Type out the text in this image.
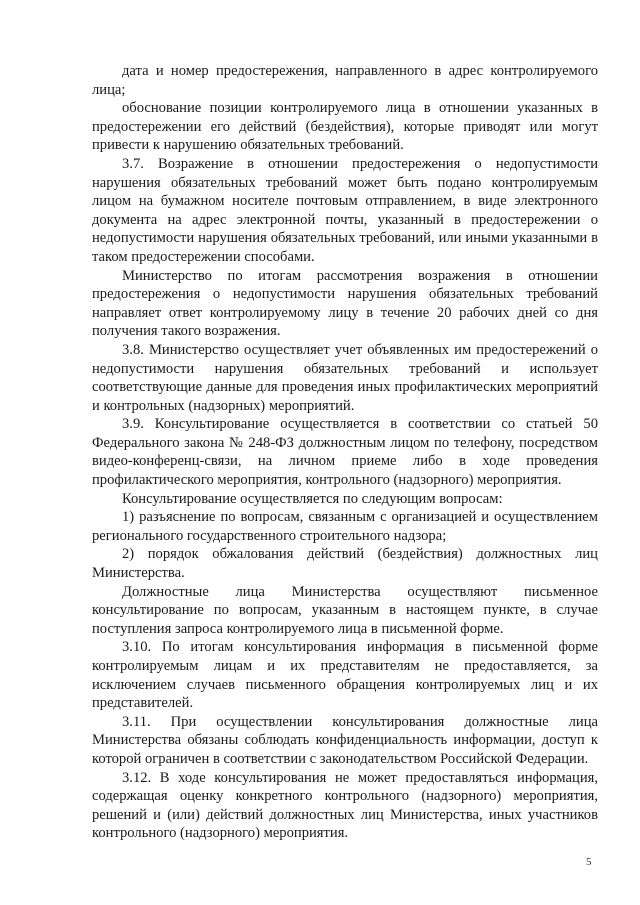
дата и номер предостережения, направленного в адрес контролируемого лица;

обоснование позиции контролируемого лица в отношении указанных в предостережении его действий (бездействия), которые приводят или могут привести к нарушению обязательных требований.

3.7. Возражение в отношении предостережения о недопустимости нарушения обязательных требований может быть подано контролируемым лицом на бумажном носителе почтовым отправлением, в виде электронного документа на адрес электронной почты, указанный в предостережении о недопустимости нарушения обязательных требований, или иными указанными в таком предостережении способами.

Министерство по итогам рассмотрения возражения в отношении предостережения о недопустимости нарушения обязательных требований направляет ответ контролируемому лицу в течение 20 рабочих дней со дня получения такого возражения.

3.8. Министерство осуществляет учет объявленных им предостережений о недопустимости нарушения обязательных требований и использует соответствующие данные для проведения иных профилактических мероприятий и контрольных (надзорных) мероприятий.

3.9. Консультирование осуществляется в соответствии со статьей 50 Федерального закона № 248-ФЗ должностным лицом по телефону, посредством видео-конференц-связи, на личном приеме либо в ходе проведения профилактического мероприятия, контрольного (надзорного) мероприятия.

Консультирование осуществляется по следующим вопросам:

1) разъяснение по вопросам, связанным с организацией и осуществлением регионального государственного строительного надзора;

2) порядок обжалования действий (бездействия) должностных лиц Министерства.

Должностные лица Министерства осуществляют письменное консультирование по вопросам, указанным в настоящем пункте, в случае поступления запроса контролируемого лица в письменной форме.

3.10. По итогам консультирования информация в письменной форме контролируемым лицам и их представителям не предоставляется, за исключением случаев письменного обращения контролируемых лиц и их представителей.

3.11. При осуществлении консультирования должностные лица Министерства обязаны соблюдать конфиденциальность информации, доступ к которой ограничен в соответствии с законодательством Российской Федерации.

3.12. В ходе консультирования не может предоставляться информация, содержащая оценку конкретного контрольного (надзорного) мероприятия, решений и (или) действий должностных лиц Министерства, иных участников контрольного (надзорного) мероприятия.

5
